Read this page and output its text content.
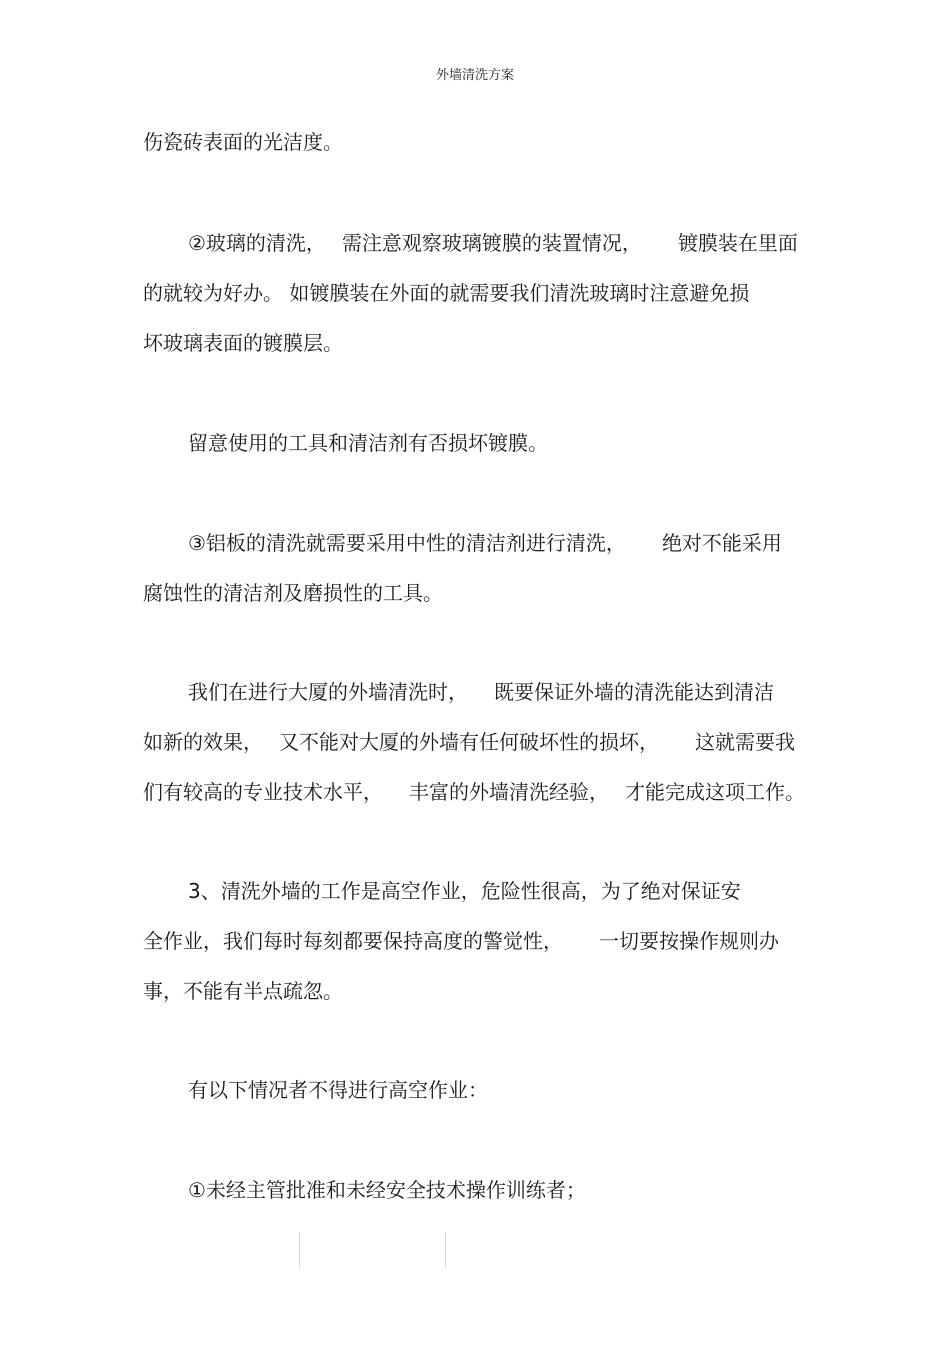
外墙清洗方案

伤瓷砖表面的光洁度。

②玻璃的清洗， 需注意观察玻璃镀膜的装置情况， 镀膜装在里面
的就较为好办。 如镀膜装在外面的就需要我们清洗玻璃时注意避免损
坏玻璃表面的镀膜层。
留意使用的工具和清洁剂有否损坏镀膜。
③铝板的清洗就需要采用中性的清洁剂进行清洗， 绝对不能采用
腐蚀性的清洁剂及磨损性的工具。
我们在进行大厦的外墙清洗时， 既要保证外墙的清洗能达到清洁
如新的效果， 又不能对大厦的外墙有任何破坏性的损坏， 这就需要我
们有较高的专业技术水平， 丰富的外墙清洗经验， 才能完成这项工作。
3、清洗外墙的工作是高空作业，危险性很高，为了绝对保证安
全作业，我们每时每刻都要保持高度的警觉性， 一切要按操作规则办
事，不能有半点疏忽。
有以下情况者不得进行高空作业：
①未经主管批准和未经安全技术操作训练者；
